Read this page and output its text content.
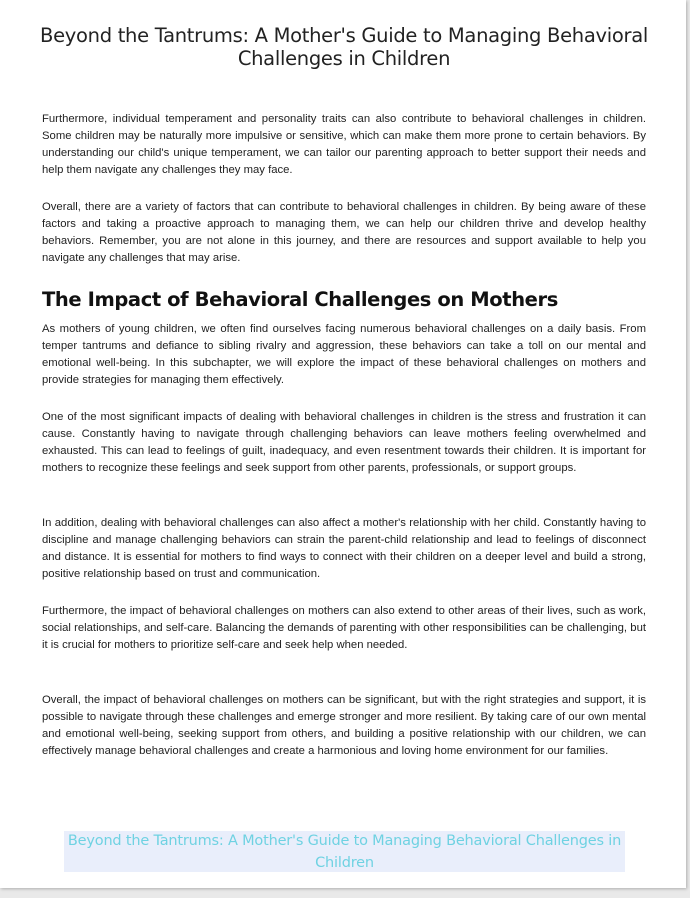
Beyond the Tantrums: A Mother's Guide to Managing Behavioral Challenges in Children

Furthermore, individual temperament and personality traits can also contribute to behavioral challenges in children. Some children may be naturally more impulsive or sensitive, which can make them more prone to certain behaviors. By understanding our child's unique temperament, we can tailor our parenting approach to better support their needs and help them navigate any challenges they may face.

Overall, there are a variety of factors that can contribute to behavioral challenges in children. By being aware of these factors and taking a proactive approach to managing them, we can help our children thrive and develop healthy behaviors. Remember, you are not alone in this journey, and there are resources and support available to help you navigate any challenges that may arise.

The Impact of Behavioral Challenges on Mothers

As mothers of young children, we often find ourselves facing numerous behavioral challenges on a daily basis. From temper tantrums and defiance to sibling rivalry and aggression, these behaviors can take a toll on our mental and emotional well-being. In this subchapter, we will explore the impact of these behavioral challenges on mothers and provide strategies for managing them effectively.

One of the most significant impacts of dealing with behavioral challenges in children is the stress and frustration it can cause. Constantly having to navigate through challenging behaviors can leave mothers feeling overwhelmed and exhausted. This can lead to feelings of guilt, inadequacy, and even resentment towards their children. It is important for mothers to recognize these feelings and seek support from other parents, professionals, or support groups.

In addition, dealing with behavioral challenges can also affect a mother's relationship with her child. Constantly having to discipline and manage challenging behaviors can strain the parent-child relationship and lead to feelings of disconnect and distance. It is essential for mothers to find ways to connect with their children on a deeper level and build a strong, positive relationship based on trust and communication.

Furthermore, the impact of behavioral challenges on mothers can also extend to other areas of their lives, such as work, social relationships, and self-care. Balancing the demands of parenting with other responsibilities can be challenging, but it is crucial for mothers to prioritize self-care and seek help when needed.

Overall, the impact of behavioral challenges on mothers can be significant, but with the right strategies and support, it is possible to navigate through these challenges and emerge stronger and more resilient. By taking care of our own mental and emotional well-being, seeking support from others, and building a positive relationship with our children, we can effectively manage behavioral challenges and create a harmonious and loving home environment for our families.

Beyond the Tantrums: A Mother's Guide to Managing Behavioral Challenges in Children
